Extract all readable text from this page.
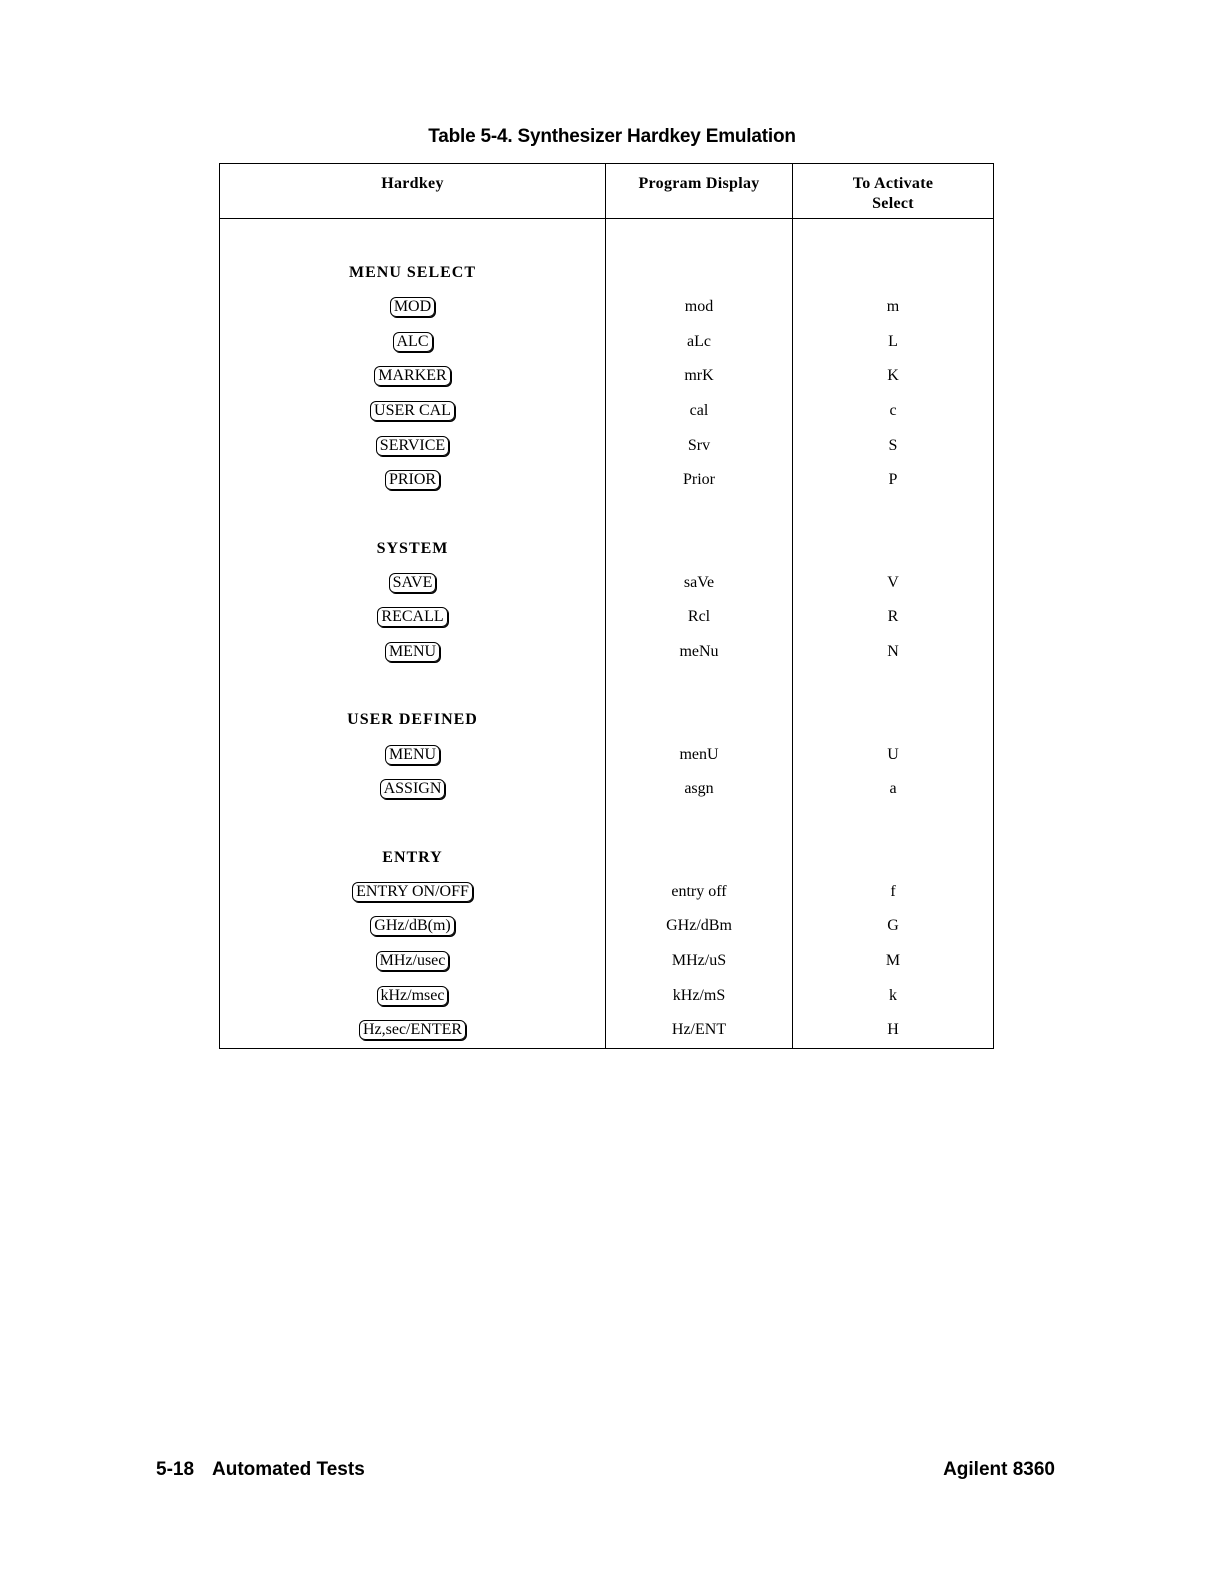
Table 5-4. Synthesizer Hardkey Emulation
Hardkey	Program Display	To Activate
Select

MENU SELECT		
MOD	mod	m
ALC	aLc	L
MARKER	mrK	K
USER CAL	cal	c
SERVICE	Srv	S
PRIOR	Prior	P

SYSTEM		
SAVE	saVe	V
RECALL	Rcl	R
MENU	meNu	N

USER DEFINED		
MENU	menU	U
ASSIGN	asgn	a

ENTRY		
ENTRY ON/OFF	entry off	f
GHz/dB(m)	GHz/dBm	G
MHz/usec	MHz/uS	M
kHz/msec	kHz/mS	k
Hz,sec/ENTER	Hz/ENT	H
5-18 Automated Tests	Agilent 8360
